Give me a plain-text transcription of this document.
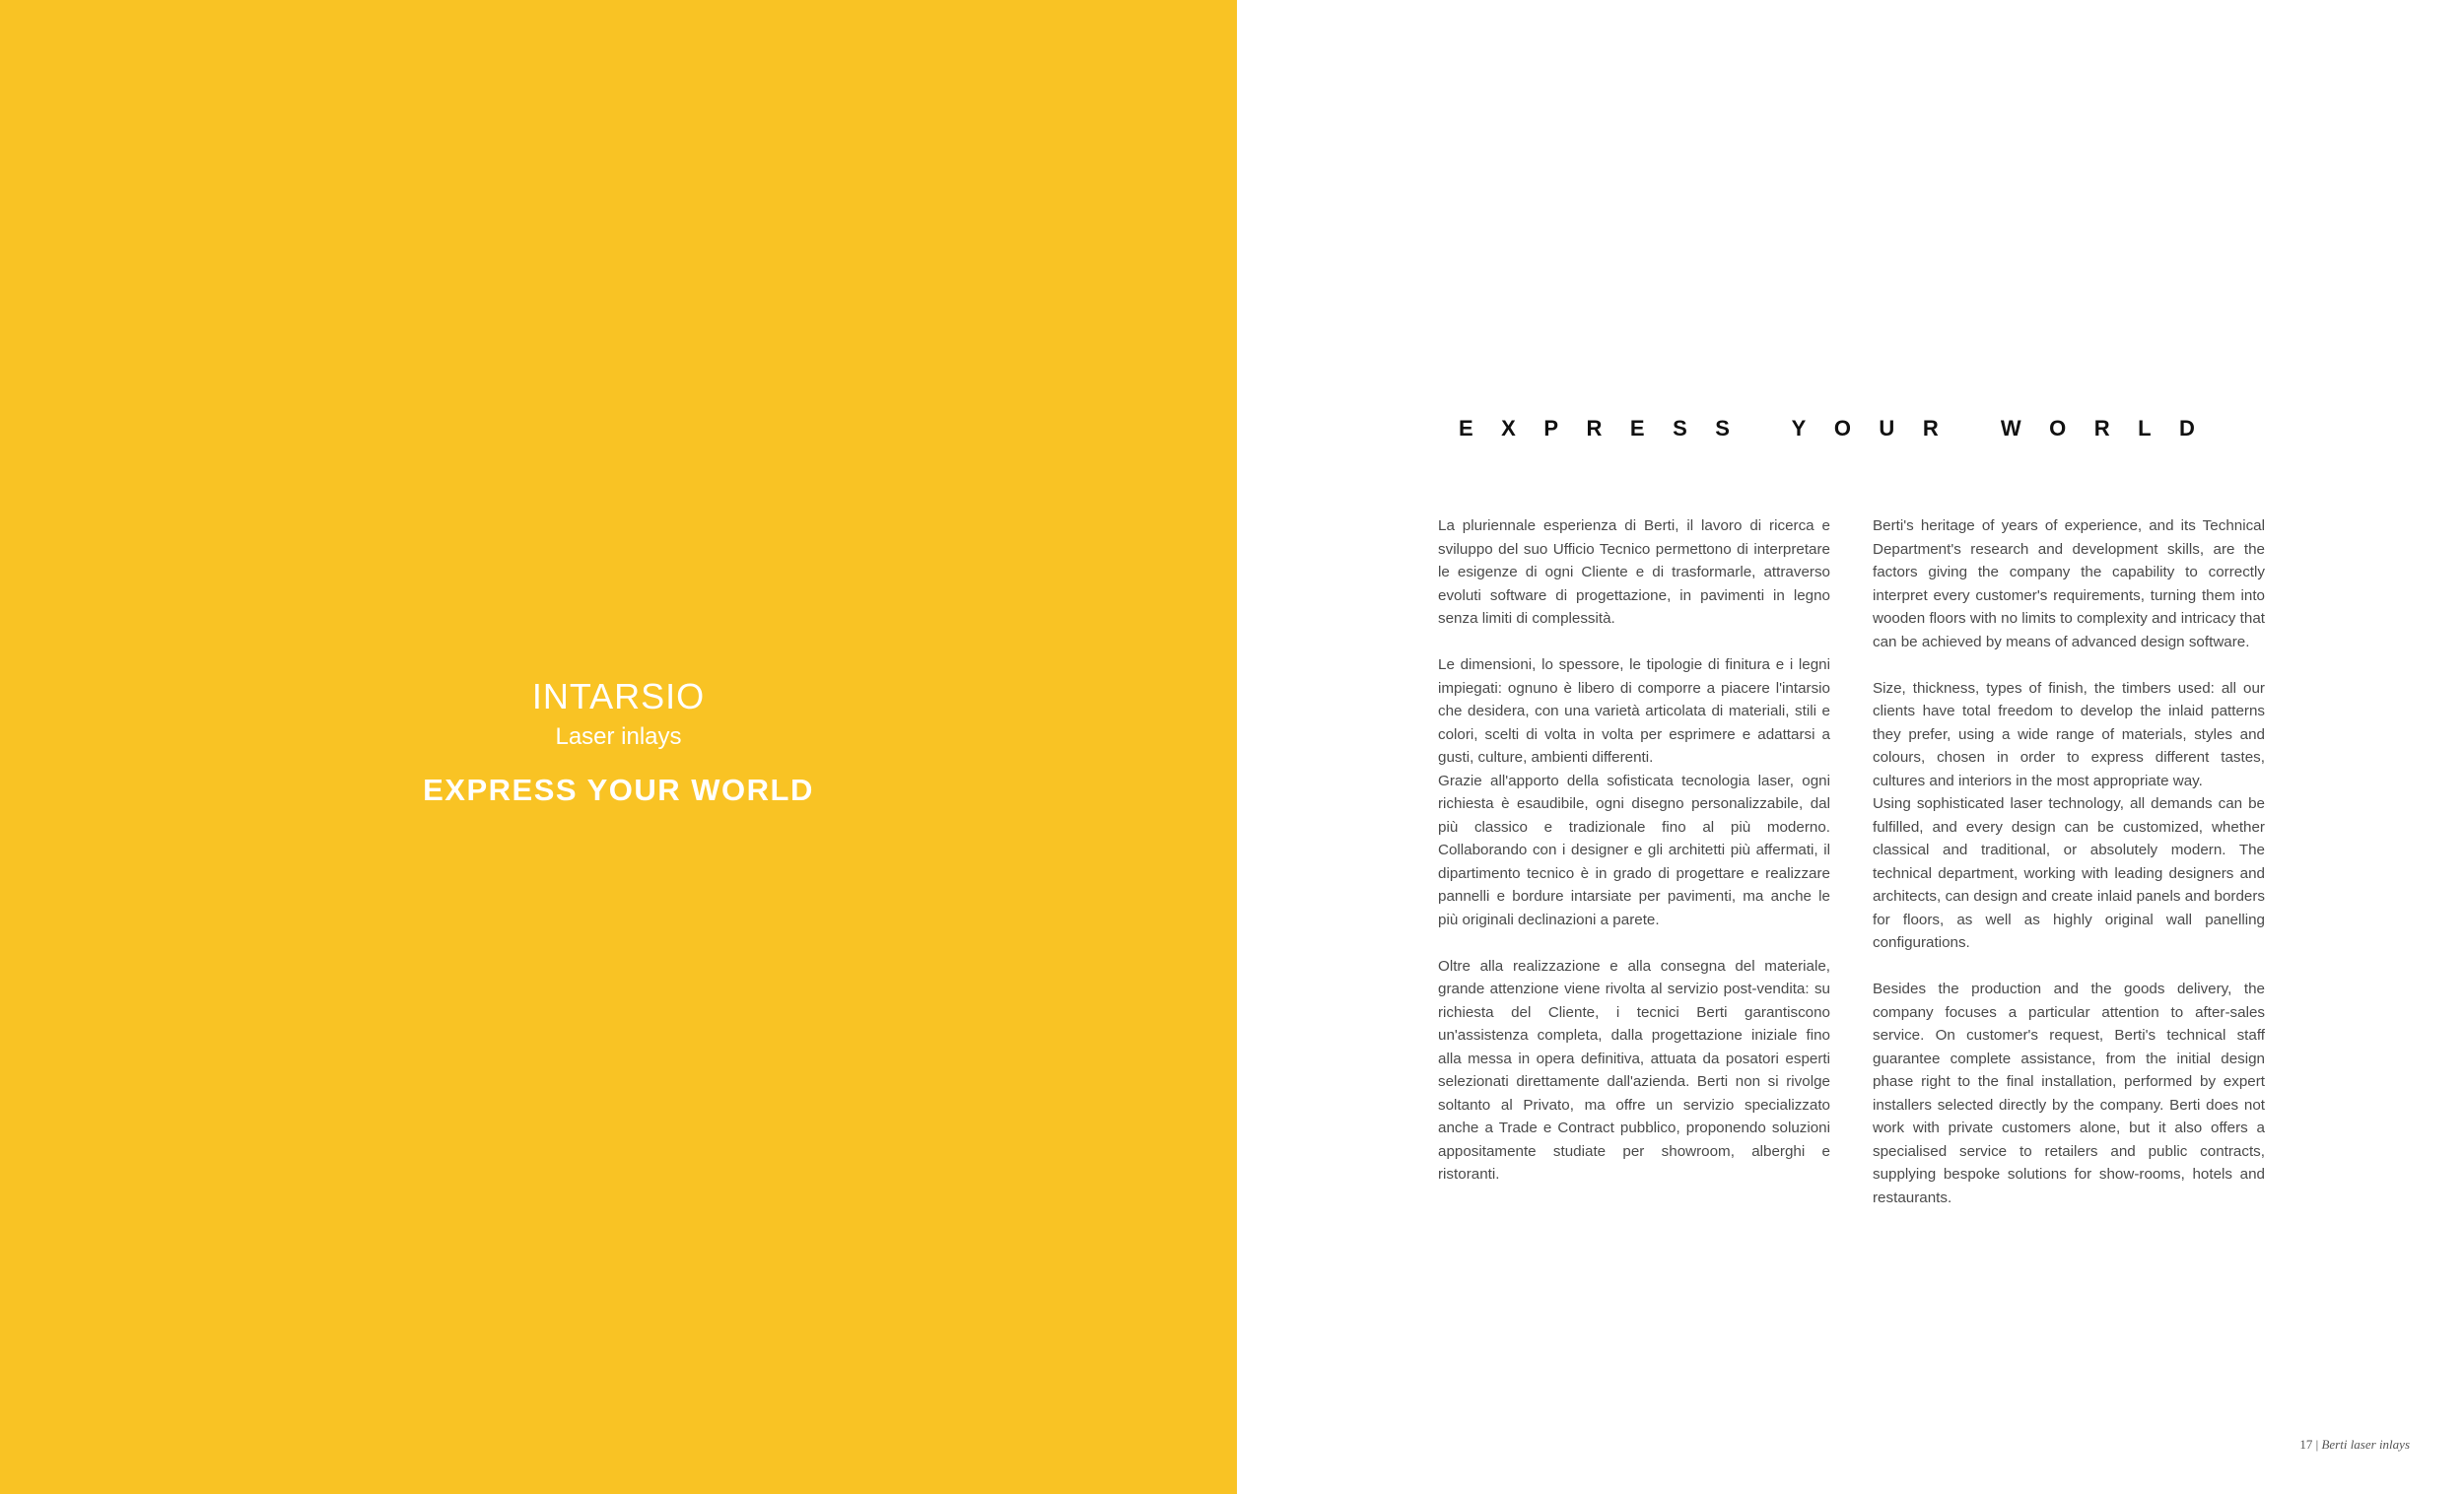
INTARSIO
Laser inlays
EXPRESS YOUR WORLD
EXPRESS YOUR WORLD

La pluriennale esperienza di Berti, il lavoro di ricerca e sviluppo del suo Ufficio Tecnico permettono di interpretare le esigenze di ogni Cliente e di trasformarle, attraverso evoluti software di progettazione, in pavimenti in legno senza limiti di complessità.

Le dimensioni, lo spessore, le tipologie di finitura e i legni impiegati: ognuno è libero di comporre a piacere l'intarsio che desidera, con una varietà articolata di materiali, stili e colori, scelti di volta in volta per esprimere e adattarsi a gusti, culture, ambienti differenti.

Grazie all'apporto della sofisticata tecnologia laser, ogni richiesta è esaudibile, ogni disegno personalizzabile, dal più classico e tradizionale fino al più moderno. Collaborando con i designer e gli architetti più affermati, il dipartimento tecnico è in grado di progettare e realizzare pannelli e bordure intarsiate per pavimenti, ma anche le più originali declinazioni a parete.

Oltre alla realizzazione e alla consegna del materiale, grande attenzione viene rivolta al servizio post-vendita: su richiesta del Cliente, i tecnici Berti garantiscono un'assistenza completa, dalla progettazione iniziale fino alla messa in opera definitiva, attuata da posatori esperti selezionati direttamente dall'azienda. Berti non si rivolge soltanto al Privato, ma offre un servizio specializzato anche a Trade e Contract pubblico, proponendo soluzioni appositamente studiate per showroom, alberghi e ristoranti.

Berti's heritage of years of experience, and its Technical Department's research and development skills, are the factors giving the company the capability to correctly interpret every customer's requirements, turning them into wooden floors with no limits to complexity and intricacy that can be achieved by means of advanced design software.

Size, thickness, types of finish, the timbers used: all our clients have total freedom to develop the inlaid patterns they prefer, using a wide range of materials, styles and colours, chosen in order to express different tastes, cultures and interiors in the most appropriate way.

Using sophisticated laser technology, all demands can be fulfilled, and every design can be customized, whether classical and traditional, or absolutely modern. The technical department, working with leading designers and architects, can design and create inlaid panels and borders for floors, as well as highly original wall panelling configurations.

Besides the production and the goods delivery, the company focuses a particular attention to after-sales service. On customer's request, Berti's technical staff guarantee complete assistance, from the initial design phase right to the final installation, performed by expert installers selected directly by the company. Berti does not work with private customers alone, but it also offers a specialised service to retailers and public contracts, supplying bespoke solutions for show-rooms, hotels and restaurants.

17 | Berti laser inlays
